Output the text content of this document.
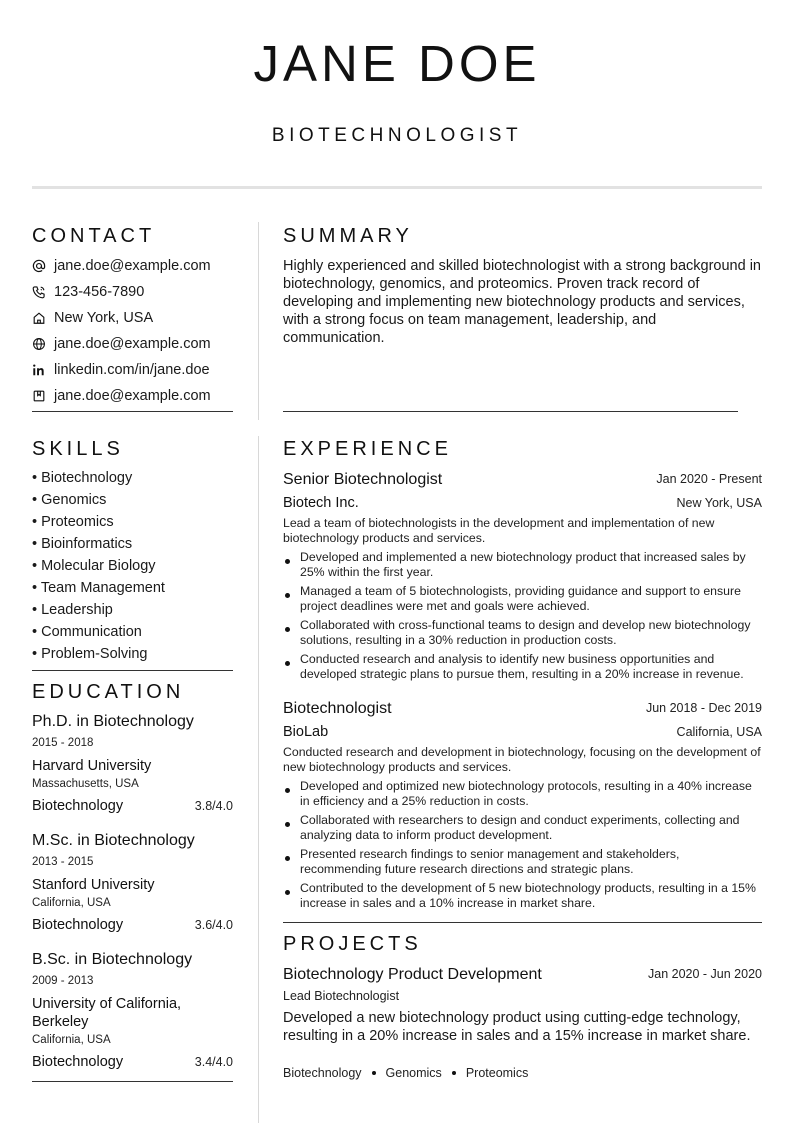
JANE DOE
BIOTECHNOLOGIST
CONTACT
jane.doe@example.com
123-456-7890
New York, USA
jane.doe@example.com
linkedin.com/in/jane.doe
jane.doe@example.com
SKILLS
• Biotechnology
• Genomics
• Proteomics
• Bioinformatics
• Molecular Biology
• Team Management
• Leadership
• Communication
• Problem-Solving
EDUCATION
Ph.D. in Biotechnology
2015 - 2018
Harvard University
Massachusetts, USA
Biotechnology	3.8/4.0
M.Sc. in Biotechnology
2013 - 2015
Stanford University
California, USA
Biotechnology	3.6/4.0
B.Sc. in Biotechnology
2009 - 2013
University of California, Berkeley
California, USA
Biotechnology	3.4/4.0
SUMMARY
Highly experienced and skilled biotechnologist with a strong background in biotechnology, genomics, and proteomics. Proven track record of developing and implementing new biotechnology products and services, with a strong focus on team management, leadership, and communication.
EXPERIENCE
Senior Biotechnologist	Jan 2020 - Present
Biotech Inc.	New York, USA
Lead a team of biotechnologists in the development and implementation of new biotechnology products and services.
Developed and implemented a new biotechnology product that increased sales by 25% within the first year.
Managed a team of 5 biotechnologists, providing guidance and support to ensure project deadlines were met and goals were achieved.
Collaborated with cross-functional teams to design and develop new biotechnology solutions, resulting in a 30% reduction in production costs.
Conducted research and analysis to identify new business opportunities and developed strategic plans to pursue them, resulting in a 20% increase in revenue.
Biotechnologist	Jun 2018 - Dec 2019
BioLab	California, USA
Conducted research and development in biotechnology, focusing on the development of new biotechnology products and services.
Developed and optimized new biotechnology protocols, resulting in a 40% increase in efficiency and a 25% reduction in costs.
Collaborated with researchers to design and conduct experiments, collecting and analyzing data to inform product development.
Presented research findings to senior management and stakeholders, recommending future research directions and strategic plans.
Contributed to the development of 5 new biotechnology products, resulting in a 15% increase in sales and a 10% increase in market share.
PROJECTS
Biotechnology Product Development	Jan 2020 - Jun 2020
Lead Biotechnologist
Developed a new biotechnology product using cutting-edge technology, resulting in a 20% increase in sales and a 15% increase in market share.
Biotechnology Genomics Proteomics
